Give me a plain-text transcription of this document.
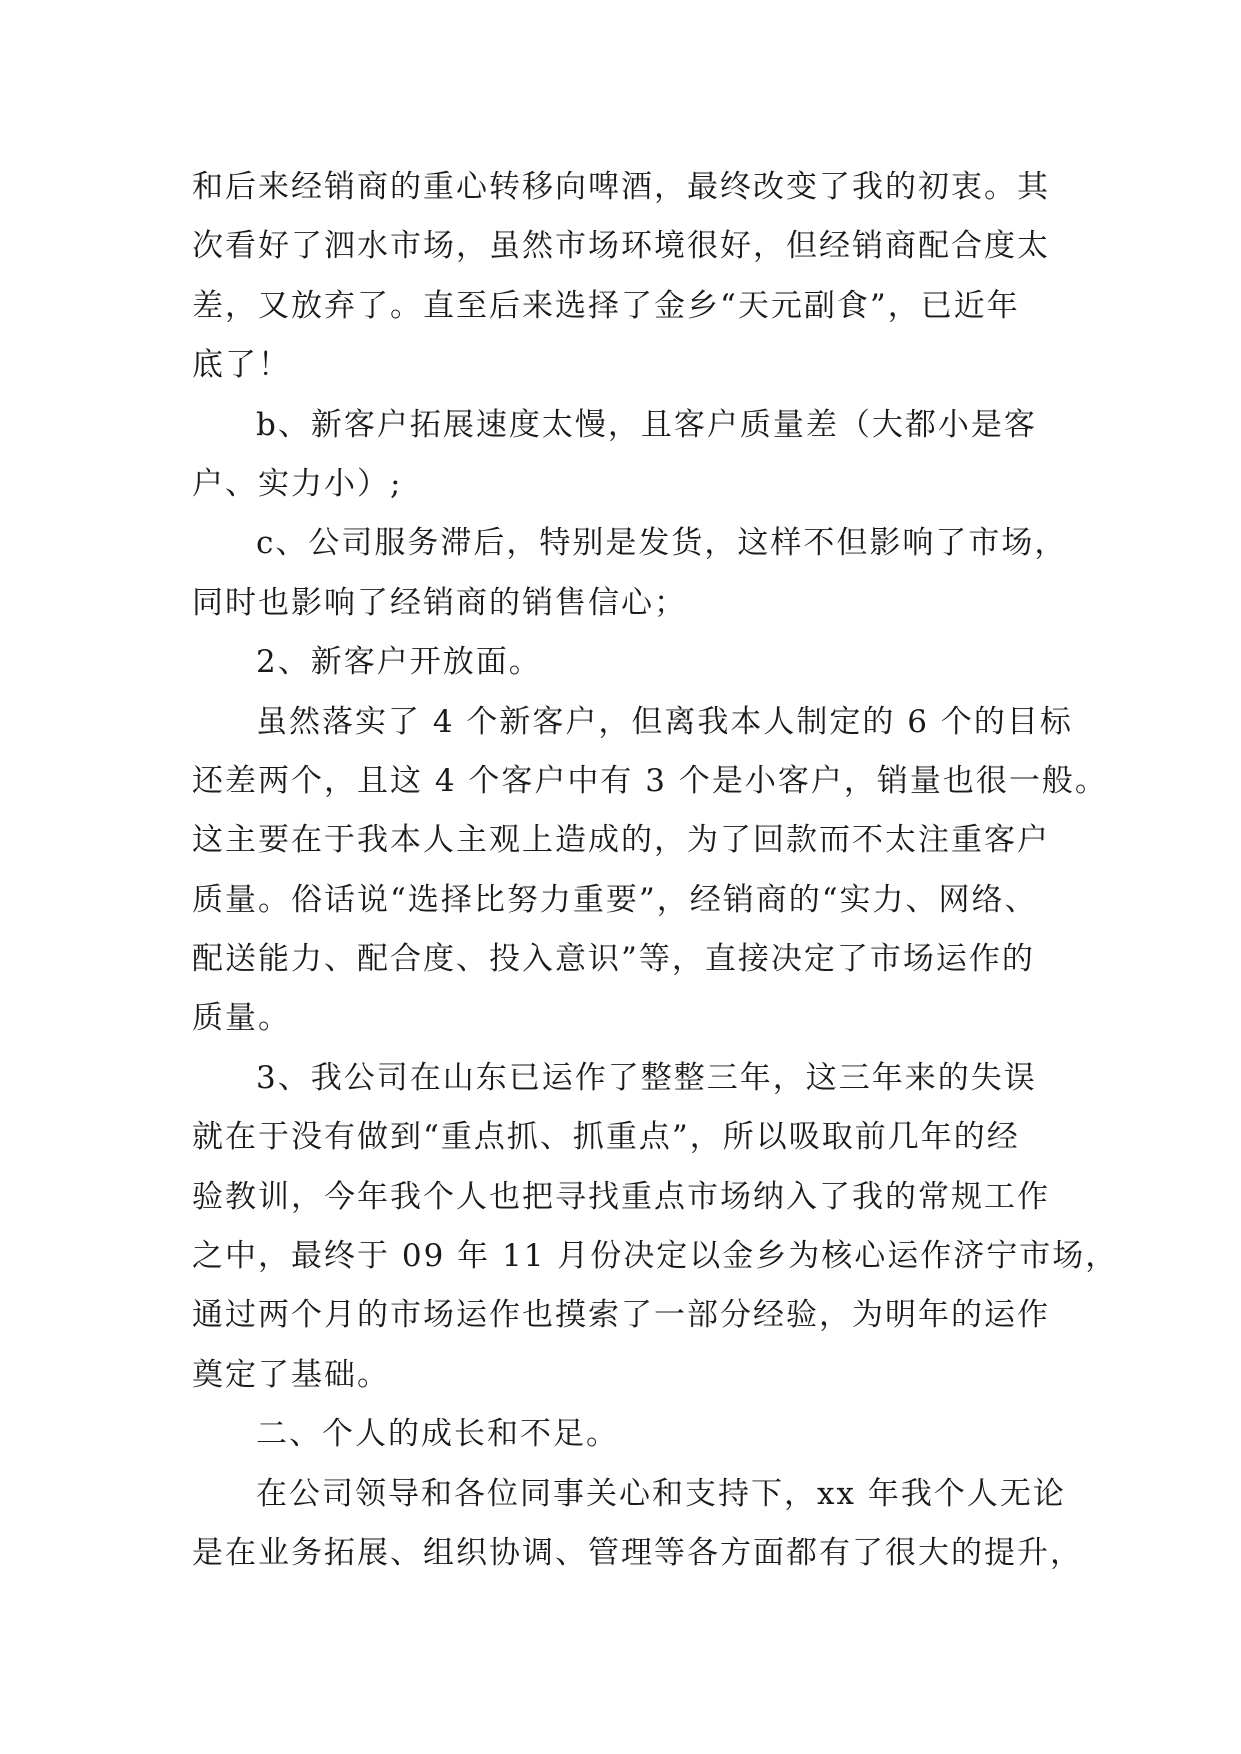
和后来经销商的重心转移向啤酒，最终改变了我的初衷。其
次看好了泗水市场，虽然市场环境很好，但经销商配合度太
差，又放弃了。直至后来选择了金乡“天元副食”，已近年
底了！
b、新客户拓展速度太慢，且客户质量差（大都小是客
户、实力小）;
c、公司服务滞后，特别是发货，这样不但影响了市场，
同时也影响了经销商的销售信心；
2、新客户开放面。
虽然落实了 4 个新客户，但离我本人制定的 6 个的目标
还差两个，且这 4 个客户中有 3 个是小客户，销量也很一般。
这主要在于我本人主观上造成的，为了回款而不太注重客户
质量。俗话说“选择比努力重要”，经销商的“实力、网络、
配送能力、配合度、投入意识”等，直接决定了市场运作的
质量。
3、我公司在山东已运作了整整三年，这三年来的失误
就在于没有做到“重点抓、抓重点”，所以吸取前几年的经
验教训，今年我个人也把寻找重点市场纳入了我的常规工作
之中，最终于 09 年 11 月份决定以金乡为核心运作济宁市场，
通过两个月的市场运作也摸索了一部分经验，为明年的运作
奠定了基础。
二、个人的成长和不足。
在公司领导和各位同事关心和支持下，xx 年我个人无论
是在业务拓展、组织协调、管理等各方面都有了很大的提升，
